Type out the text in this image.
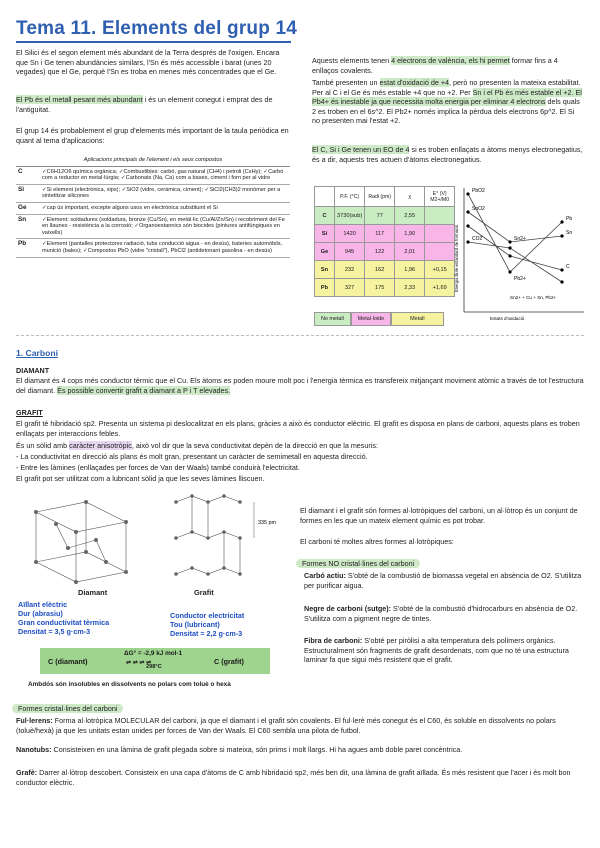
Tema 11. Elements del grup 14
El Silici és el segon element més abundant de la Terra després de l'oxigen. Encara que Sn i Ge tenen abundàncies similars, l'Sn és més accessible i barat (unes 20 vegades) que el Ge, perquè l'Sn es troba en menes més concentrades que el Ge.
El Pb és el metall pesant més abundant i és un element conegut i emprat des de l'antiguitat.
El grup 14 és probablement el grup d'elements més important de la taula periòdica en quant al tema d'aplicacions:
Aplicacions principals de l'element i els seus compostos	
C	✓C6H12O6 química orgànica; ✓Combustibles: carbó, gas natural (CH4) i petroli (CxHy); ✓Carbó com a reductor en metal·lúrgia; ✓Carbonats (Na, Ca) com a bases, ciment i forn per al vidre
Si	✓Si element (electrònica, xips); ✓SiO2 (vidre, ceràmica, ciment); ✓SiCl2(CH3)2 monòmer per a sintetitzar silicones
Ge	✓cap ús important, excepte alguns usos en electrònica substituint el Si
Sn	✓Element: soldadures (soldadura, bronze (Cu/Sn), en metàl·lic (Cu/Al/Zn/Sn) i recobriment del Fe en llaunes - resistència a la corrosió; ✓Organoestannics són biocides (pintures antifúngiques en vaixells)
Pb	✓Element (pantalles protectores radiació, tubs conducció aigua - en desús), bateries automòbils, munició (bales); ✓Compostos PbO (vidre "cristall"), PbCl2 (antidetonant gasolina - en desús)
Aquests elements tenen 4 electrons de valència, els hi permet formar fins a 4 enllaços covalents.
També presenten un estat d'oxidació de +4, però no presenten la mateixa estabilitat. Per al C i el Ge és més estable +4 que no +2. Per Sn i el Pb és més estable el +2. El Pb4+ és inestable ja que necessita molta energia per eliminar 4 electrons dels quals 2 es troben en el 6s^2. El Pb2+ només implica la pèrdua dels electrons 6p^2. El Si no presenten mai l'estat +2.
El C, Si i Ge tenen un EO de 4 si es troben enllaçats a àtoms menys electronegatius, és a dir, aquests tres actuen d'àtoms electronegatius.
	P.F. (°C)	Radi (pm)	χ	E° (V) M2+/M0
C	3730(sub)	77	2,55	
Si	1420	117	1,90	
Ge	945	122	2,01	
Sn	232	162	1,96	+0,15
Pb	327	175	2,33	+1,69
No metall	Metal·loide	Metall
PbO2
Pb
SnO2
Sn
C
CO2
Pb2+
Sn2+
Sn2+ + Cu + Sn, Pb2+
Estats d'oxidació
Energia lliure estandard de formació
1. Carboni
DIAMANT
El diamant és 4 cops més conductor tèrmic que el Cu. Els àtoms es poden moure molt poc i l'energia tèrmica es transfereix mitjançant moviment atòmic a través de tot l'estructura del diamant. És possible convertir grafit a diamant a P i T elevades.
GRAFIT
El grafit té hibridació sp2. Presenta un sistema pi deslocalitzat en els plans, gràcies a això és conductor elèctric. El grafit es disposa en plans de carboni, aquests plans es troben enllaçats per interaccions febles.
És un sòlid amb caràcter anisotròpic, això vol dir que la seva conductivitat depèn de la direcció en que la mesuris:
- La conductivitat en direcció als plans és molt gran, presentant un caràcter de semimetall en aquesta direcció.
- Entre les làmines (enllaçades per forces de Van der Waals) també conduirà l'electricitat.
El grafit pot ser utilitzat com a lubricant sòlid ja que les seves làmines lliscuen.
335 pm
Diamant	Grafit
Aïllant elèctric
Dur (abrasiu)
Gran conductivitat tèrmica
Densitat = 3,5 g·cm-3
Conductor electricitat
Tou (lubricant)
Densitat = 2,2 g·cm-3
C (diamant)
ΔG° = -2,9 kJ mol-1
298°C
⇌ ⇌ ⇌ ⇌	C (grafit)
Ambdós són insolubles en dissolvents no polars com toluè o hexà
El diamant i el grafit són formes al·lotròpiques del carboni, un al·lòtrop és un conjunt de formes en les que un mateix element químic es pot trobar.
El carboni té moltes altres formes al·lotròpiques:
Formes NO cristal·lines del carboni
Carbó actiu: S'obté de la combustió de biomassa vegetal en absència de O2. S'utilitza per purificar aigua.
Negre de carboni (sutge): S'obté de la combustió d'hidrocarburs en absència de O2. S'utilitza com a pigment negre de tintes.
Fibra de carboni: S'obté per piròlisi a alta temperatura dels polímers orgànics. Estructuralment són fragments de grafit desordenats, com que no té una estructura laminar fa que sigui més resistent que el grafit.
Formes cristal·lines del carboni
Ful·lerens: Forma al·lotròpica MOLECULAR del carboni, ja que el diamant i el grafit són covalents. El ful·lerè més conegut és el C60, és soluble en dissolvents no polars (toluè/hexà) ja que les unitats estan unides per forces de Van der Waals. El C60 sembla una pilota de futbol.
Nanotubs: Consisteixen en una làmina de grafit plegada sobre si mateixa, són prims i molt llargs. Hi ha agues amb doble paret concèntrica.
Grafè: Darrer al·lòtrop descobert. Consisteix en una capa d'àtoms de C amb hibridació sp2, més ben dit, una làmina de grafit aïllada. És més resistent que l'acer i és molt bon conductor elèctric.
